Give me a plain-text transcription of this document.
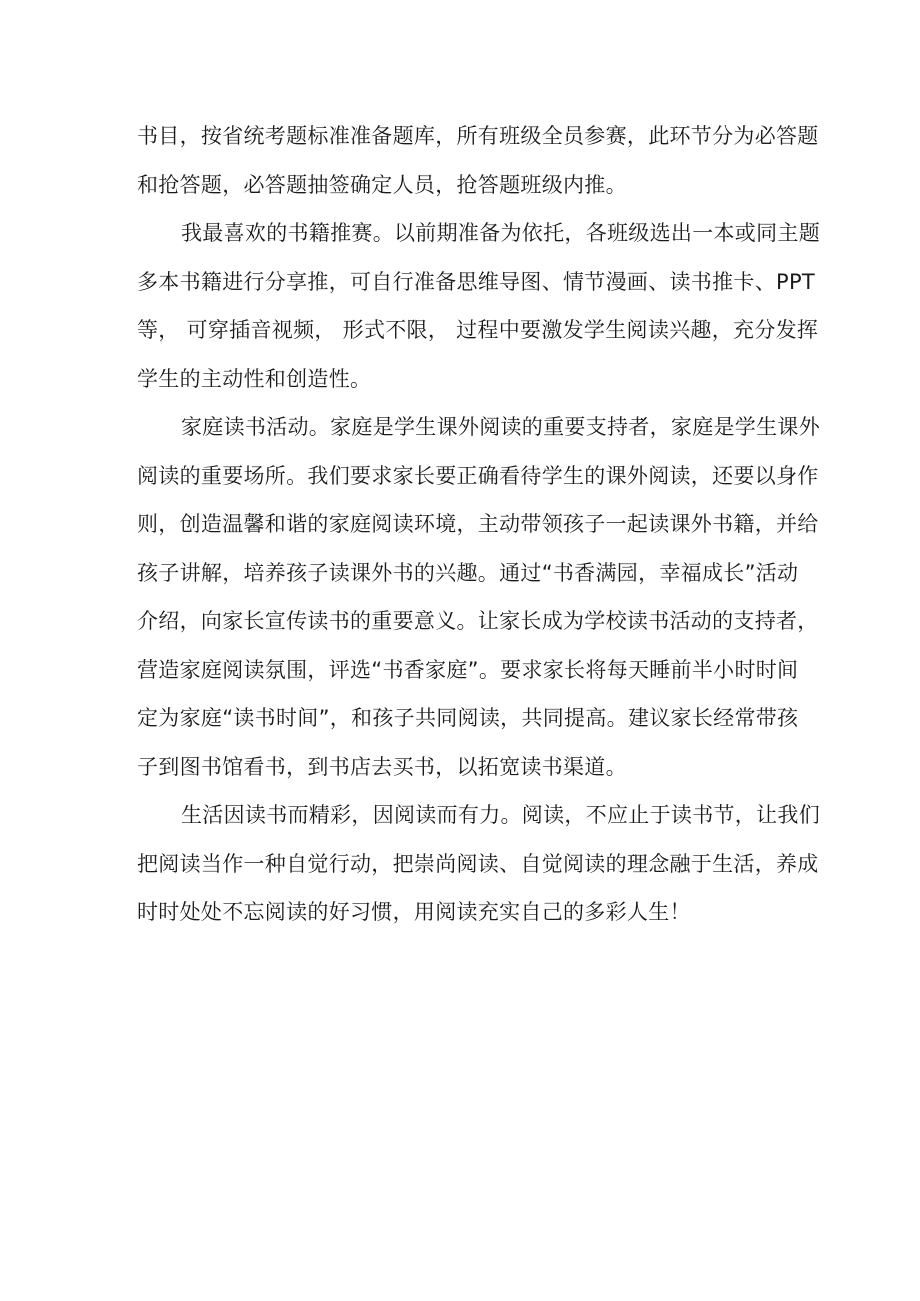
书目，按省统考题标准准备题库，所有班级全员参赛，此环节分为必答题
和抢答题，必答题抽签确定人员，抢答题班级内推。
我最喜欢的书籍推赛。以前期准备为依托，各班级选出一本或同主题
多本书籍进行分享推，可自行准备思维导图、情节漫画、读书推卡、PPT
等， 可穿插音视频， 形式不限， 过程中要激发学生阅读兴趣，充分发挥
学生的主动性和创造性。
家庭读书活动。家庭是学生课外阅读的重要支持者，家庭是学生课外
阅读的重要场所。我们要求家长要正确看待学生的课外阅读，还要以身作
则，创造温馨和谐的家庭阅读环境，主动带领孩子一起读课外书籍，并给
孩子讲解，培养孩子读课外书的兴趣。通过“书香满园，幸福成长”活动
介绍，向家长宣传读书的重要意义。让家长成为学校读书活动的支持者，
营造家庭阅读氛围，评选“书香家庭”。要求家长将每天睡前半小时时间
定为家庭“读书时间”，和孩子共同阅读，共同提高。建议家长经常带孩
子到图书馆看书，到书店去买书，以拓宽读书渠道。
生活因读书而精彩，因阅读而有力。阅读，不应止于读书节，让我们
把阅读当作一种自觉行动，把崇尚阅读、自觉阅读的理念融于生活，养成
时时处处不忘阅读的好习惯，用阅读充实自己的多彩人生！
